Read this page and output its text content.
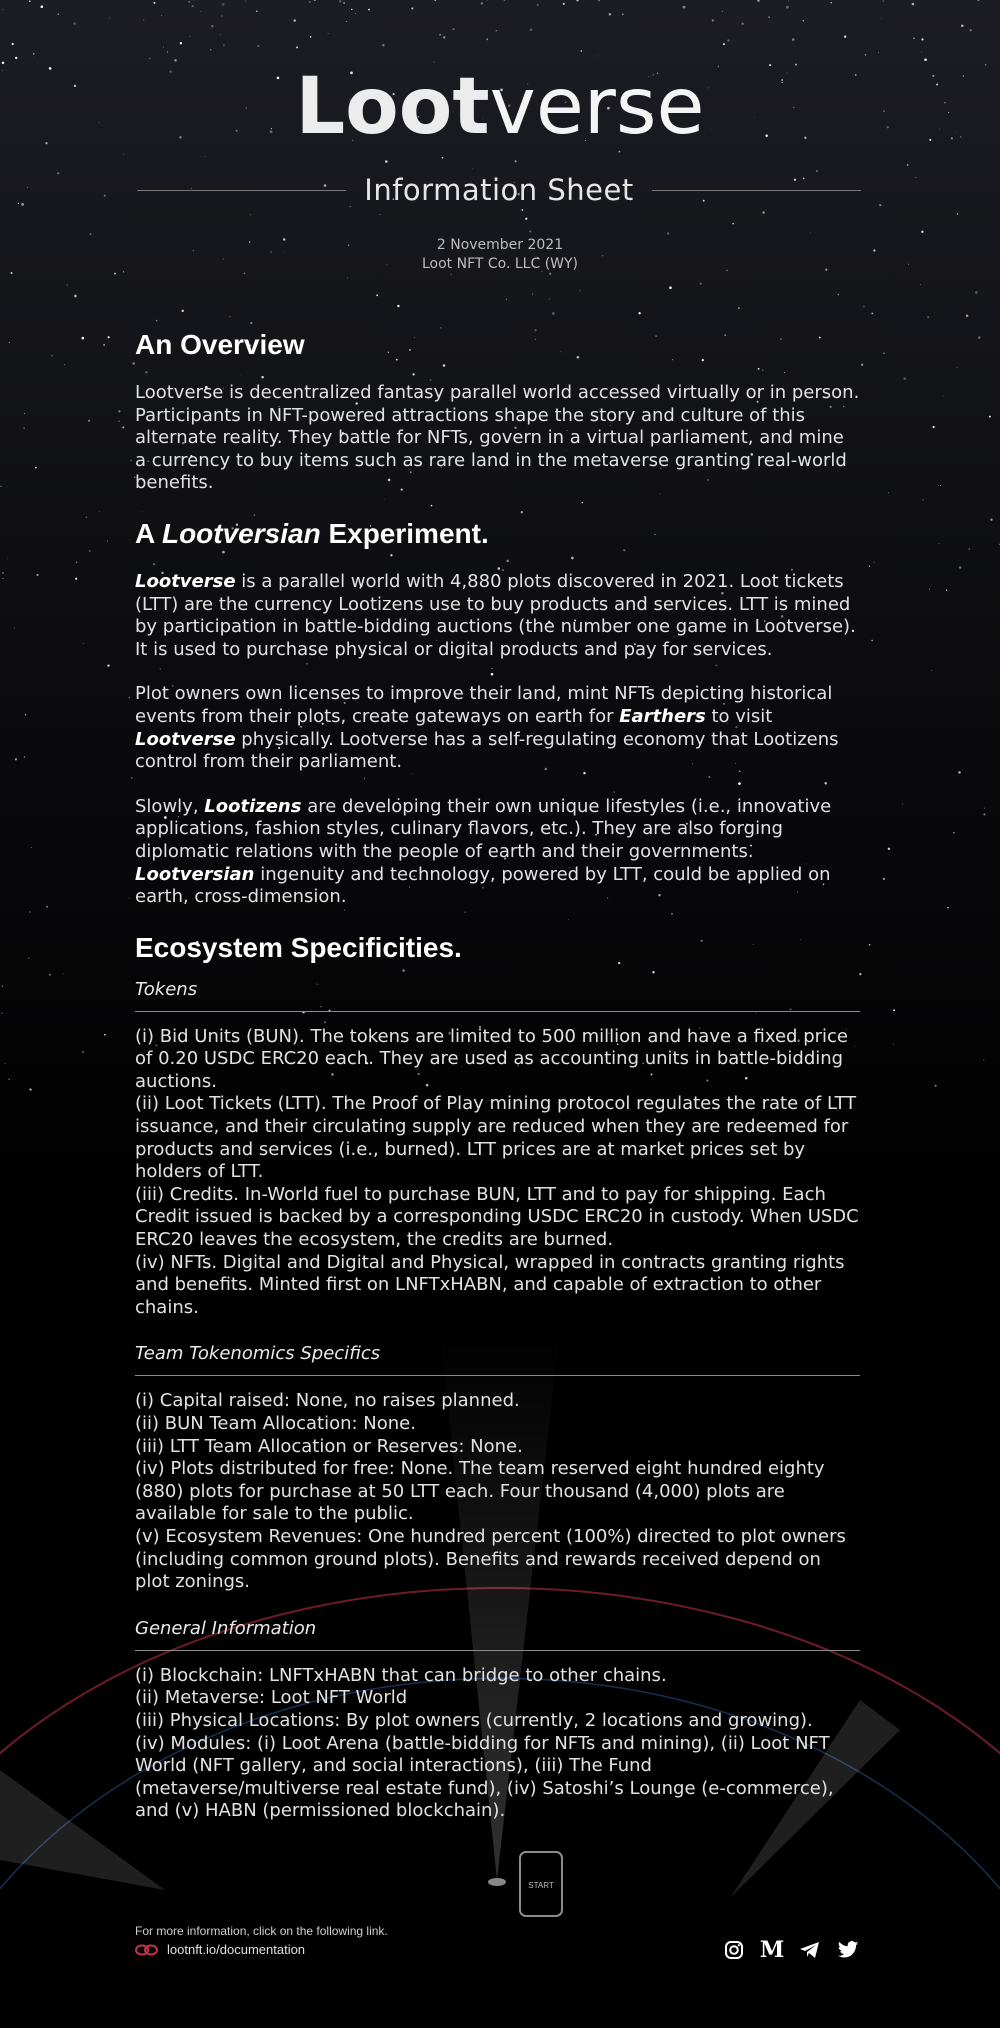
Lootverse
Information Sheet
2 November 2021
Loot NFT Co. LLC (WY)
An Overview

Lootverse is decentralized fantasy parallel world accessed virtually or in person. Participants in NFT-powered attractions shape the story and culture of this alternate reality. They battle for NFTs, govern in a virtual parliament, and mine a currency to buy items such as rare land in the metaverse granting real-world benefits.

A Lootversian Experiment.

Lootverse is a parallel world with 4,880 plots discovered in 2021. Loot tickets (LTT) are the currency Lootizens use to buy products and services. LTT is mined by participation in battle-bidding auctions (the number one game in Lootverse). It is used to purchase physical or digital products and pay for services.

Plot owners own licenses to improve their land, mint NFTs depicting historical events from their plots, create gateways on earth for Earthers to visit Lootverse physically. Lootverse has a self-regulating economy that Lootizens control from their parliament.

Slowly, Lootizens are developing their own unique lifestyles (i.e., innovative applications, fashion styles, culinary flavors, etc.). They are also forging diplomatic relations with the people of earth and their governments. Lootversian ingenuity and technology, powered by LTT, could be applied on earth, cross-dimension.

Ecosystem Specificities.
Tokens

(i) Bid Units (BUN). The tokens are limited to 500 million and have a fixed price of 0.20 USDC ERC20 each. They are used as accounting units in battle-bidding auctions.

(ii) Loot Tickets (LTT). The Proof of Play mining protocol regulates the rate of LTT issuance, and their circulating supply are reduced when they are redeemed for products and services (i.e., burned). LTT prices are at market prices set by holders of LTT.

(iii) Credits. In-World fuel to purchase BUN, LTT and to pay for shipping. Each Credit issued is backed by a corresponding USDC ERC20 in custody. When USDC ERC20 leaves the ecosystem, the credits are burned.

(iv) NFTs. Digital and Digital and Physical, wrapped in contracts granting rights and benefits. Minted first on LNFTxHABN, and capable of extraction to other chains.

Team Tokenomics Specifics

(i) Capital raised: None, no raises planned.

(ii) BUN Team Allocation: None.

(iii) LTT Team Allocation or Reserves: None.

(iv) Plots distributed for free: None. The team reserved eight hundred eighty (880) plots for purchase at 50 LTT each. Four thousand (4,000) plots are available for sale to the public.

(v) Ecosystem Revenues: One hundred percent (100%) directed to plot owners (including common ground plots). Benefits and rewards received depend on plot zonings.

General Information

(i) Blockchain: LNFTxHABN that can bridge to other chains.

(ii) Metaverse: Loot NFT World

(iii) Physical Locations: By plot owners (currently, 2 locations and growing).

(iv) Modules: (i) Loot Arena (battle-bidding for NFTs and mining), (ii) Loot NFT World (NFT gallery, and social interactions), (iii) The Fund (metaverse/multiverse real estate fund), (iv) Satoshi’s Lounge (e-commerce), and (v) HABN (permissioned blockchain).

START
For more information, click on the following link.
lootnft.io/documentation	M
